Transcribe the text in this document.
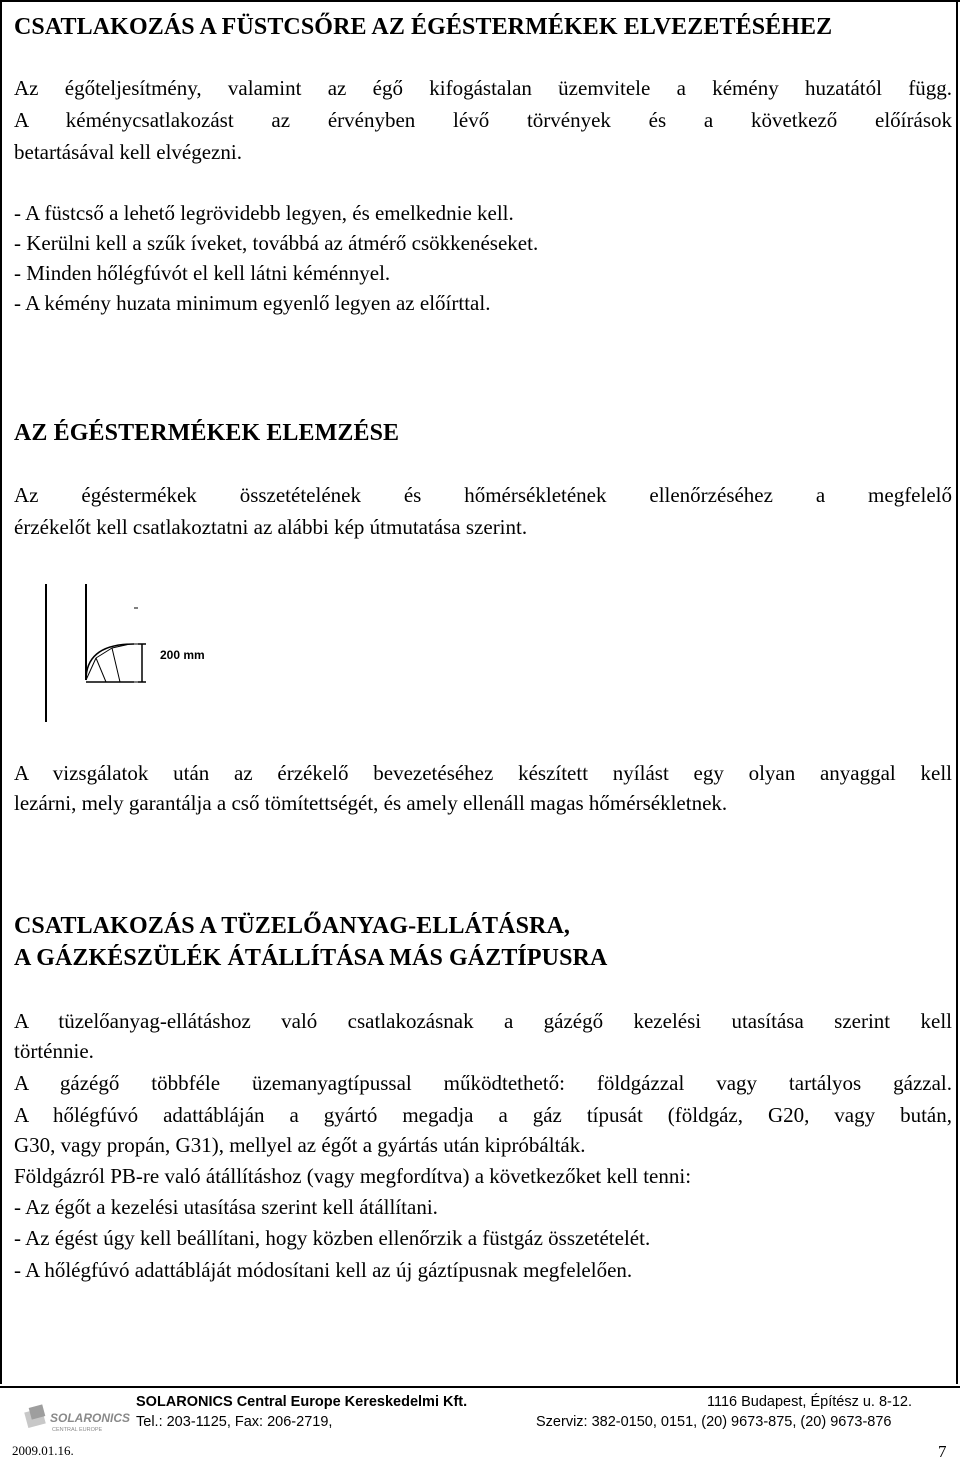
CSATLAKOZÁS A FÜSTCSŐRE AZ ÉGÉSTERMÉKEK ELVEZETÉSÉHEZ
Az égőteljesítmény, valamint az égő kifogástalan üzemvitele a kémény huzatától függ.
A kéménycsatlakozást az érvényben lévő törvények és a következő előírások
betartásával kell elvégezni.
- A füstcső a lehető legrövidebb legyen, és emelkednie kell.
- Kerülni kell a szűk íveket, továbbá az átmérő csökkenéseket.
- Minden hőlégfúvót el kell látni kéménnyel.
- A kémény huzata minimum egyenlő legyen az előírttal.
AZ ÉGÉSTERMÉKEK ELEMZÉSE
Az égéstermékek összetételének és hőmérsékletének ellenőrzéséhez a megfelelő
érzékelőt kell csatlakoztatni az alábbi kép útmutatása szerint.
200 mm
A vizsgálatok után az érzékelő bevezetéséhez készített nyílást egy olyan anyaggal kell
lezárni, mely garantálja a cső tömítettségét, és amely ellenáll magas hőmérsékletnek.
CSATLAKOZÁS A TÜZELŐANYAG-ELLÁTÁSRA,
A GÁZKÉSZÜLÉK ÁTÁLLÍTÁSA MÁS GÁZTÍPUSRA
A tüzelőanyag-ellátáshoz való csatlakozásnak a gázégő kezelési utasítása szerint kell
történnie.
A gázégő többféle üzemanyagtípussal működtethető: földgázzal vagy tartályos gázzal.
A hőlégfúvó adattábláján a gyártó megadja a gáz típusát (földgáz, G20, vagy bután,
G30, vagy propán, G31), mellyel az égőt a gyártás után kipróbálták.
Földgázról PB-re való átállításhoz (vagy megfordítva) a következőket kell tenni:
- Az égőt a kezelési utasítása szerint kell átállítani.
- Az égést úgy kell beállítani, hogy közben ellenőrzik a füstgáz összetételét.
- A hőlégfúvó adattábláját módosítani kell az új gáztípusnak megfelelően.
SOLARONICS
CENTRAL EUROPE
SOLARONICS Central Europe Kereskedelmi Kft.	1116 Budapest, Építész u. 8-12.
Tel.: 203-1125, Fax: 206-2719,	Szerviz: 382-0150, 0151, (20) 9673-875, (20) 9673-876
2009.01.16.	7
